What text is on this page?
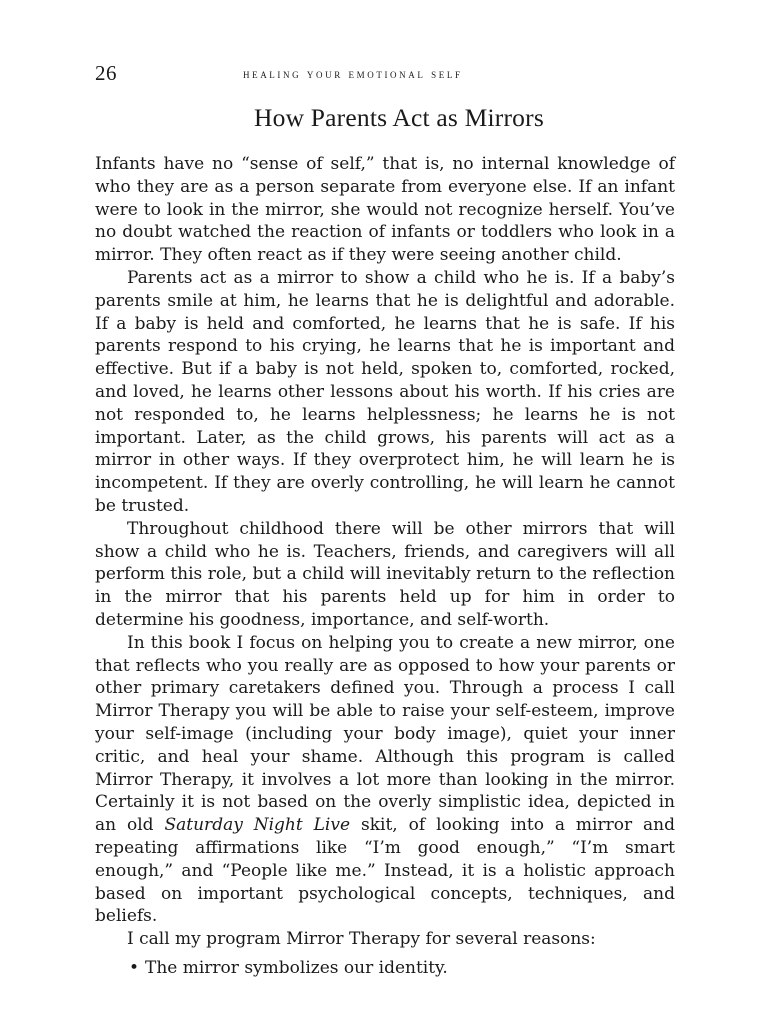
26	healing your emotional self
How Parents Act as Mirrors

Infants have no “sense of self,” that is, no internal knowledge of who they are as a person separate from everyone else. If an infant were to look in the mirror, she would not recognize herself. You’ve no doubt watched the reaction of infants or toddlers who look in a mirror. They often react as if they were seeing another child.

Parents act as a mirror to show a child who he is. If a baby’s parents smile at him, he learns that he is delightful and adorable. If a baby is held and comforted, he learns that he is safe. If his parents respond to his crying, he learns that he is important and effective. But if a baby is not held, spoken to, comforted, rocked, and loved, he learns other lessons about his worth. If his cries are not responded to, he learns helplessness; he learns he is not important. Later, as the child grows, his parents will act as a mirror in other ways. If they overprotect him, he will learn he is incompetent. If they are overly controlling, he will learn he cannot be trusted.

Throughout childhood there will be other mirrors that will show a child who he is. Teachers, friends, and caregivers will all perform this role, but a child will inevitably return to the reflection in the mirror that his parents held up for him in order to determine his goodness, importance, and self-worth.

In this book I focus on helping you to create a new mirror, one that reflects who you really are as opposed to how your parents or other primary caretakers defined you. Through a process I call Mirror Therapy you will be able to raise your self-esteem, improve your self-image (including your body image), quiet your inner critic, and heal your shame. Although this program is called Mirror Therapy, it involves a lot more than looking in the mirror. Certainly it is not based on the overly simplistic idea, depicted in an old Saturday Night Live skit, of looking into a mirror and repeating affirmations like “I’m good enough,” “I’m smart enough,” and “People like me.” Instead, it is a holistic approach based on important psychological concepts, techniques, and beliefs.

I call my program Mirror Therapy for several reasons:

• The mirror symbolizes our identity.
